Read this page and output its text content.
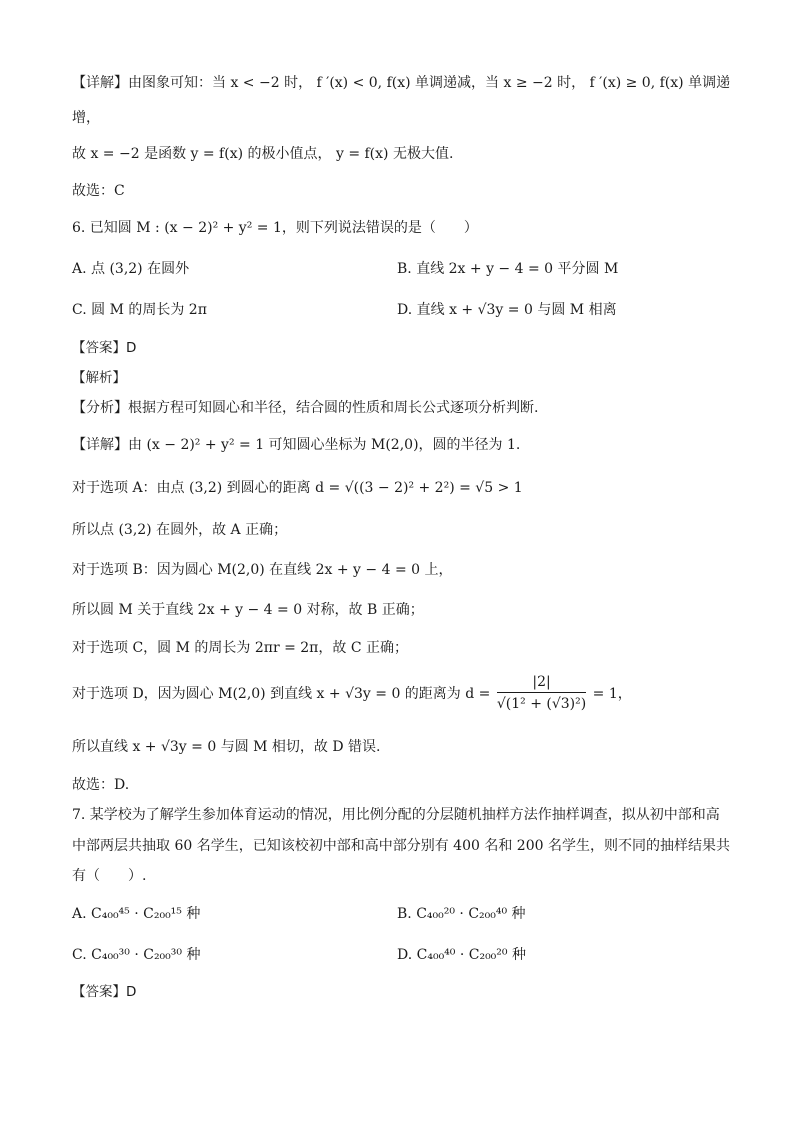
【详解】由图象可知：当 x < −2 时， f ′(x) < 0, f(x) 单调递减，当 x ≥ −2 时， f ′(x) ≥ 0, f(x) 单调递
增，
故 x = −2 是函数 y = f(x) 的极小值点， y = f(x) 无极大值.
故选：C
6. 已知圆 M : (x − 2)² + y² = 1，则下列说法错误的是（　　）
A. 点 (3,2) 在圆外	B. 直线 2x + y − 4 = 0 平分圆 M
C. 圆 M 的周长为 2π	D. 直线 x + √3y = 0 与圆 M 相离
【答案】D
【解析】
【分析】根据方程可知圆心和半径，结合圆的性质和周长公式逐项分析判断.
【详解】由 (x − 2)² + y² = 1 可知圆心坐标为 M(2,0)，圆的半径为 1.
对于选项 A：由点 (3,2) 到圆心的距离 d = √((3 − 2)² + 2²) = √5 > 1
所以点 (3,2) 在圆外，故 A 正确；
对于选项 B：因为圆心 M(2,0) 在直线 2x + y − 4 = 0 上，
所以圆 M 关于直线 2x + y − 4 = 0 对称，故 B 正确；
对于选项 C，圆 M 的周长为 2πr = 2π，故 C 正确；
对于选项 D，因为圆心 M(2,0) 到直线 x + √3y = 0 的距离为 $d = \frac{|2|}{\text{√(1² + (√3)²)}} = 1$，
所以直线 x + √3y = 0 与圆 M 相切，故 D 错误.
故选：D.
7. 某学校为了解学生参加体育运动的情况，用比例分配的分层随机抽样方法作抽样调查，拟从初中部和高
中部两层共抽取 60 名学生，已知该校初中部和高中部分别有 400 名和 200 名学生，则不同的抽样结果共
有（　　）.
A. C₄₀₀⁴⁵ · C₂₀₀¹⁵ 种	B. C₄₀₀²⁰ · C₂₀₀⁴⁰ 种
C. C₄₀₀³⁰ · C₂₀₀³⁰ 种	D. C₄₀₀⁴⁰ · C₂₀₀²⁰ 种
【答案】D
